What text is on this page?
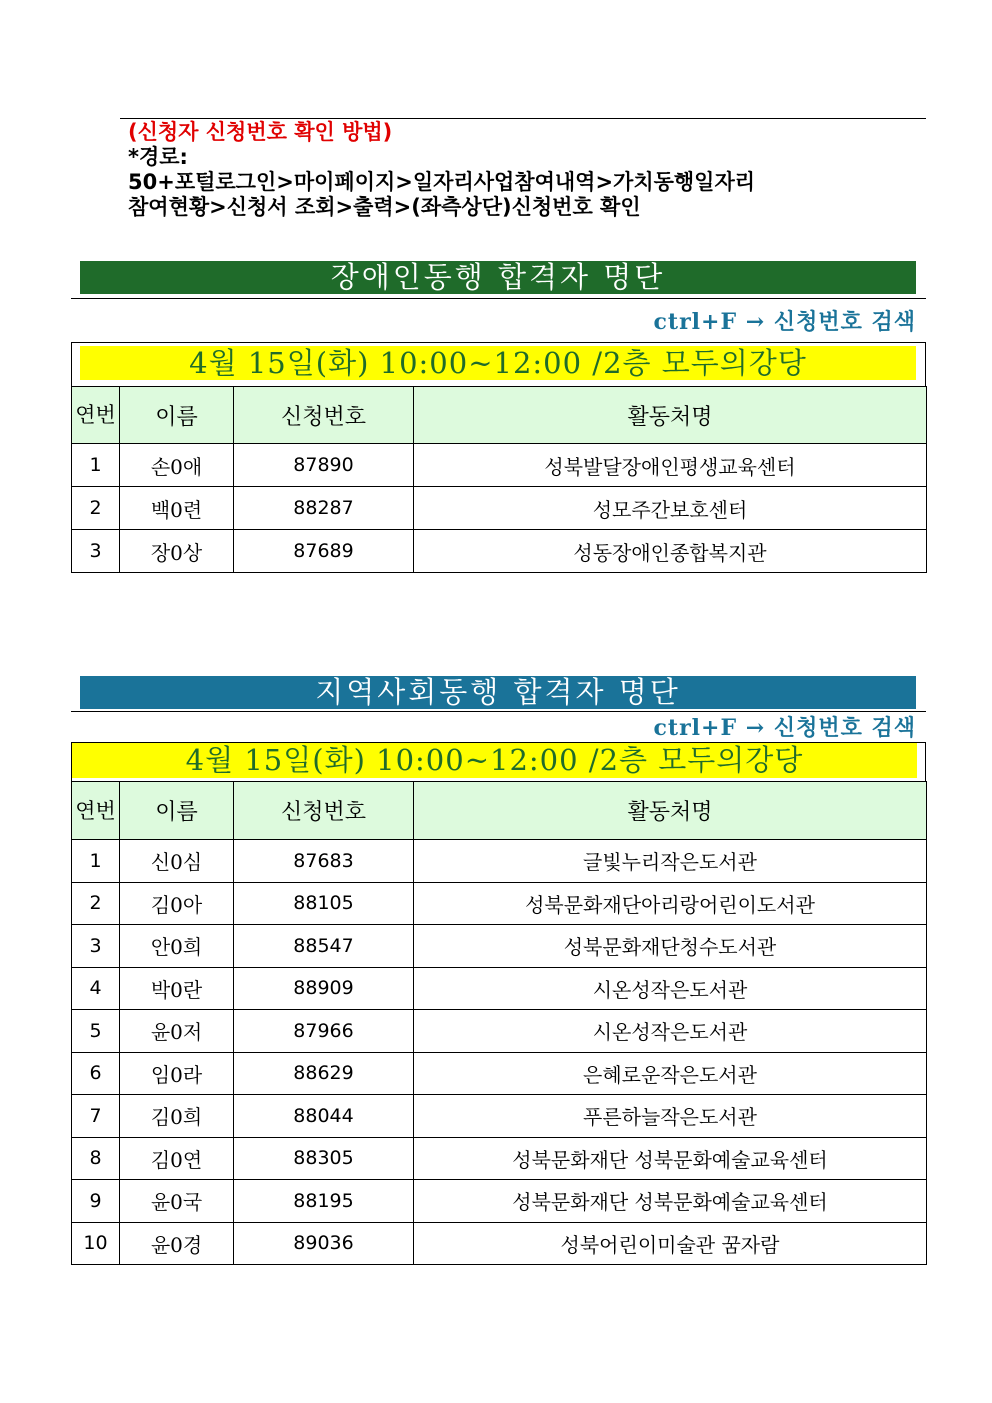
(신청자 신청번호 확인 방법)
*경로:
50+포털로그인>마이페이지>일자리사업참여내역>가치동행일자리
참여현황>신청서 조회>출력>(좌측상단)신청번호 확인
장애인동행 합격자 명단
ctrl+F → 신청번호 검색
4월 15일(화) 10:00~12:00 /2층 모두의강당
연번	이름	신청번호	활동처명
1	손0애	87890	성북발달장애인평생교육센터
2	백0련	88287	성모주간보호센터
3	장0상	87689	성동장애인종합복지관
지역사회동행 합격자 명단
ctrl+F → 신청번호 검색
4월 15일(화) 10:00~12:00 /2층 모두의강당
연번	이름	신청번호	활동처명
1	신0심	87683	글빛누리작은도서관
2	김0아	88105	성북문화재단아리랑어린이도서관
3	안0희	88547	성북문화재단청수도서관
4	박0란	88909	시온성작은도서관
5	윤0저	87966	시온성작은도서관
6	임0라	88629	은혜로운작은도서관
7	김0희	88044	푸른하늘작은도서관
8	김0연	88305	성북문화재단 성북문화예술교육센터
9	윤0국	88195	성북문화재단 성북문화예술교육센터
10	윤0경	89036	성북어린이미술관 꿈자람
